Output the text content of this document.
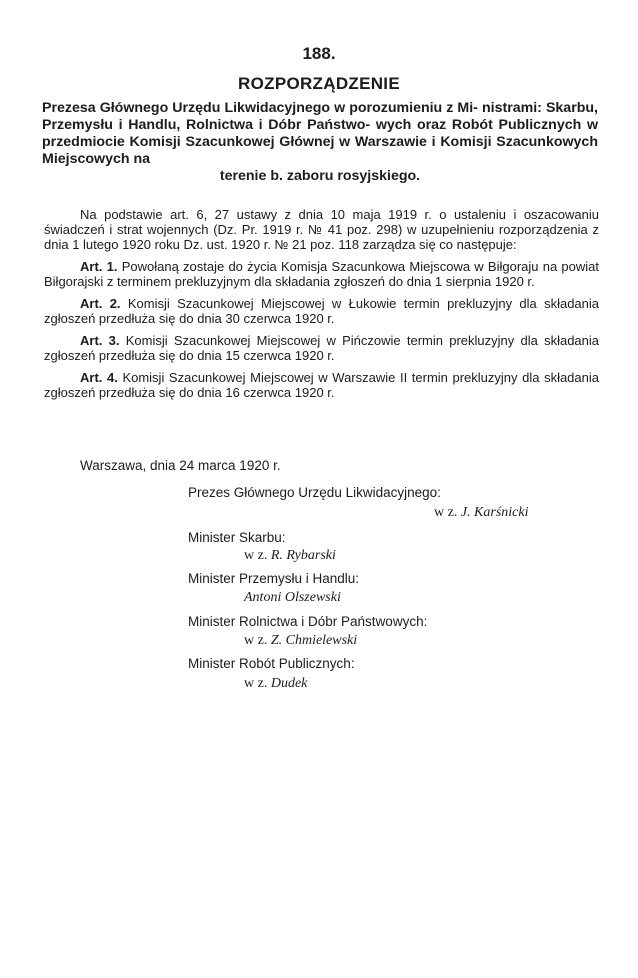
188.
ROZPORZĄDZENIE
Prezesa Głównego Urzędu Likwidacyjnego w porozumieniu z Mi- nistrami: Skarbu, Przemysłu i Handlu, Rolnictwa i Dóbr Państwo- wych oraz Robót Publicznych w przedmiocie Komisji Szacunkowej Głównej w Warszawie i Komisji Szacunkowych Miejscowych na
terenie b. zaboru rosyjskiego.

Na podstawie art. 6, 27 ustawy z dnia 10 maja 1919 r. o ustaleniu i oszacowaniu świadczeń i strat wojennych (Dz. Pr. 1919 r. № 41 poz. 298) w uzupełnieniu rozporządzenia z dnia 1 lutego 1920 roku Dz. ust. 1920 r. № 21 poz. 118 zarządza się co następuje:

Art. 1. Powołaną zostaje do życia Komisja Szacunkowa Miejscowa w Biłgoraju na powiat Biłgorajski z terminem prekluzyjnym dla składania zgłoszeń do dnia 1 sierpnia 1920 r.

Art. 2. Komisji Szacunkowej Miejscowej w Łukowie termin prekluzyjny dla składania zgłoszeń przedłuża się do dnia 30 czerwca 1920 r.

Art. 3. Komisji Szacunkowej Miejscowej w Pińczowie termin prekluzyjny dla składania zgłoszeń przedłuża się do dnia 15 czerwca 1920 r.

Art. 4. Komisji Szacunkowej Miejscowej w Warszawie II termin prekluzyjny dla składania zgłoszeń przedłuża się do dnia 16 czerwca 1920 r.

Warszawa, dnia 24 marca 1920 r.
Prezes Głównego Urzędu Likwidacyjnego:
w z. J. Karśnicki
Minister Skarbu:
w z. R. Rybarski
Minister Przemysłu i Handlu:
Antoni Olszewski
Minister Rolnictwa i Dóbr Państwowych:
w z. Z. Chmielewski
Minister Robót Publicznych:
w z. Dudek
